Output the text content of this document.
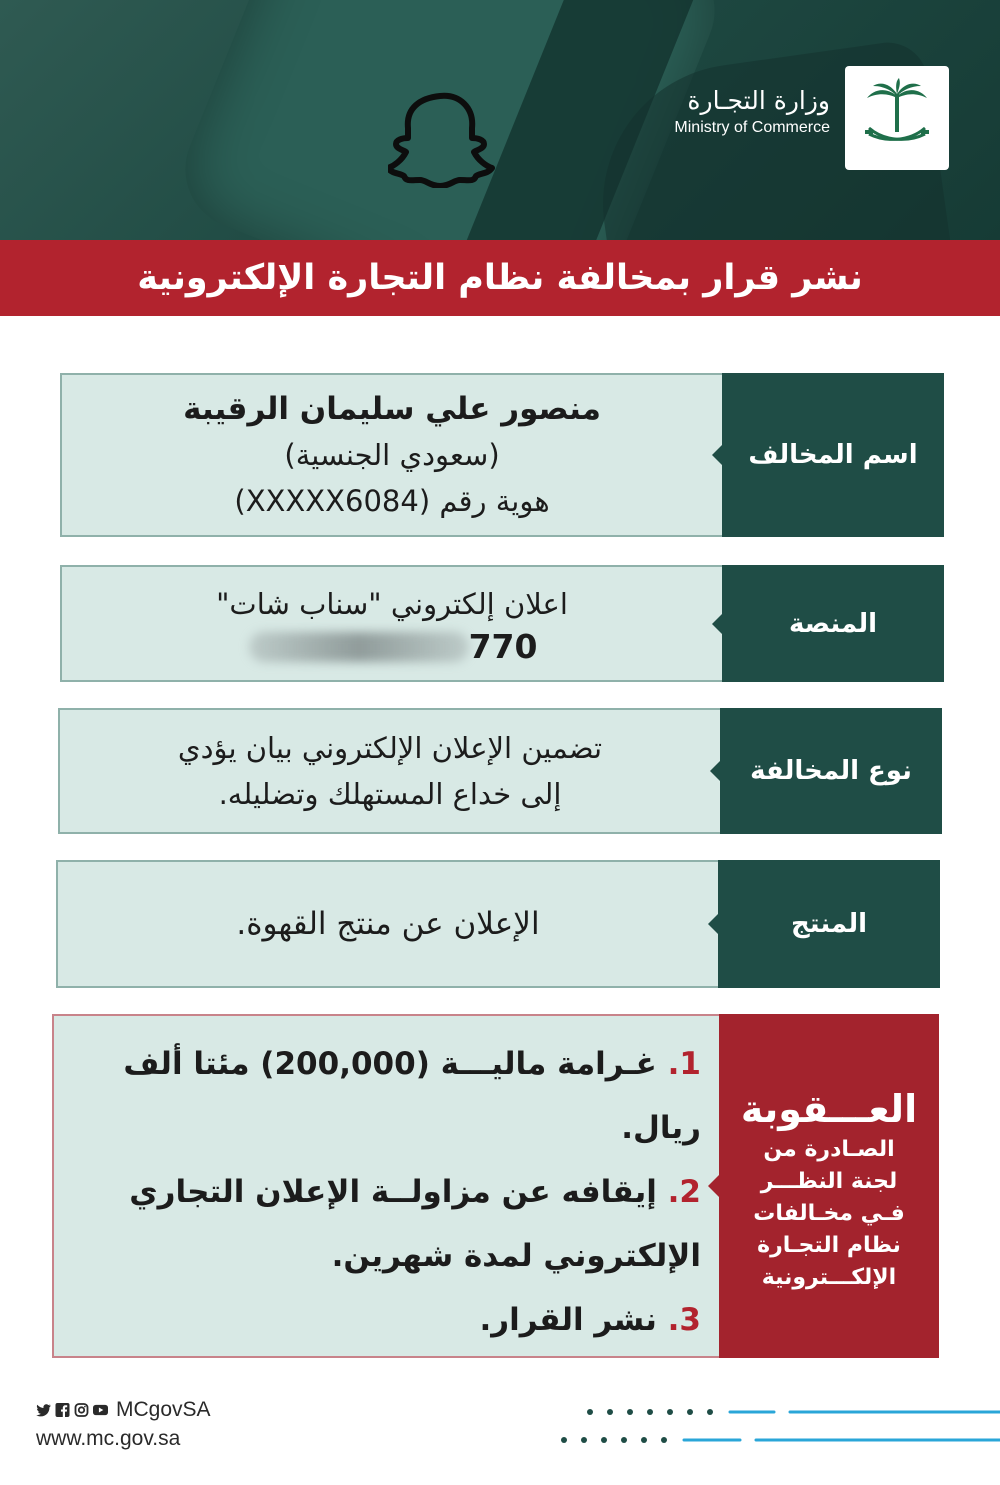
وزارة التجـارة
Ministry of Commerce
نشر قرار بمخالفة نظام التجارة الإلكترونية
منصور علي سليمان الرقيبة
(سعودي الجنسية)
هوية رقم (XXXXX6084)
اسم المخالف
اعلان إلكتروني "سناب شات"
770
المنصة
تضمين الإعلان الإلكتروني بيان يؤدي
إلى خداع المستهلك وتضليله.
نوع المخالفة
الإعلان عن منتج القهوة.	المنتج
1. غـرامة ماليـــة (200,000) مئتا ألف
ريال.
2. إيقافه عن مزاولــة الإعلان التجاري
الإلكتروني لمدة شهرين.
3. نشر القرار.
العـــقوبة
الصـادرة من
لجنة النظـــر
فـي مخـالفات
نظام التجـارة
الإلكـــترونية
MCgovSA
www.mc.gov.sa
